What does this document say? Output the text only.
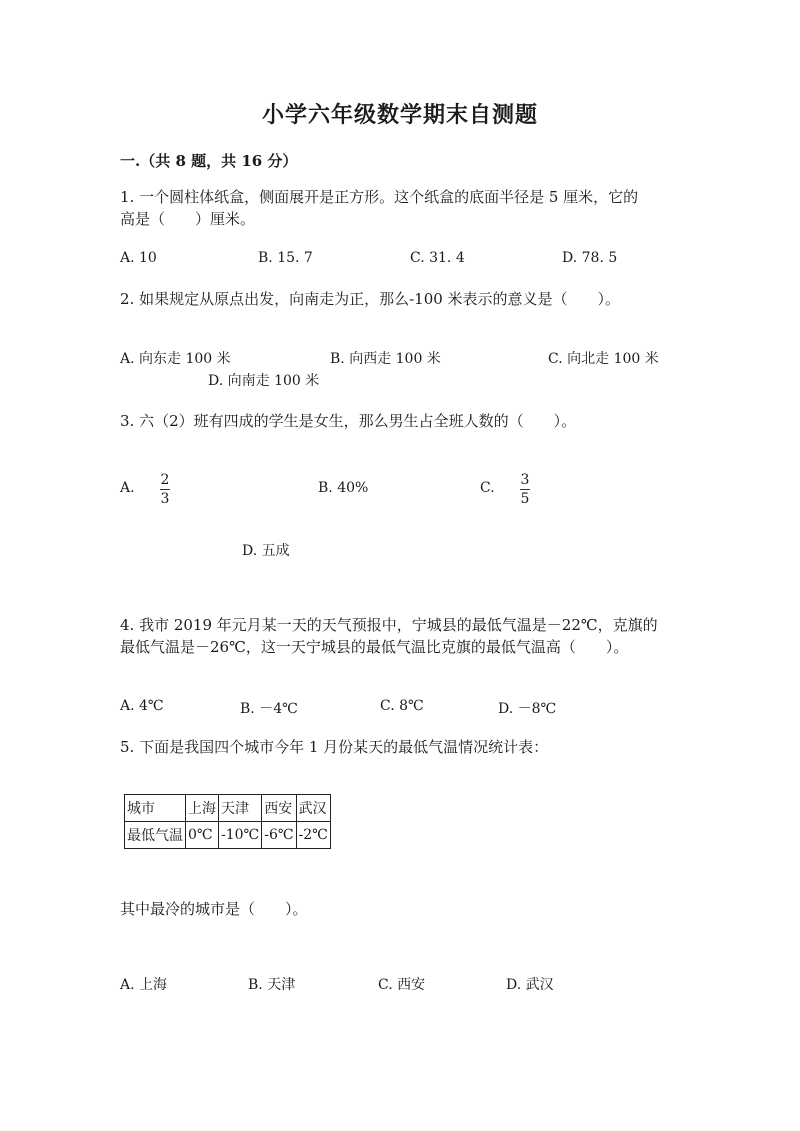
小学六年级数学期末自测题
一.（共 8 题，共 16 分）
1. 一个圆柱体纸盒，侧面展开是正方形。这个纸盒的底面半径是 5 厘米，它的
高是（　　）厘米。
A. 10	B. 15. 7	C. 31. 4	D. 78. 5
2. 如果规定从原点出发，向南走为正，那么-100 米表示的意义是（　　）。
A. 向东走 100 米	B. 向西走 100 米	C. 向北走 100 米
D. 向南走 100 米
3. 六（2）班有四成的学生是女生，那么男生占全班人数的（　　）。
A. 2
3
B. 40%	C. 3
5
D. 五成
4. 我市 2019 年元月某一天的天气预报中，宁城县的最低气温是－22℃，克旗的
最低气温是－26℃，这一天宁城县的最低气温比克旗的最低气温高（　　）。
A. 4℃	B. －4℃	C. 8℃	D. －8℃
5. 下面是我国四个城市今年 1 月份某天的最低气温情况统计表：
城市	上海	天津	西安	武汉
最低气温	0℃	-10℃	-6℃	-2℃
其中最冷的城市是（　　）。
A. 上海	B. 天津	C. 西安	D. 武汉
